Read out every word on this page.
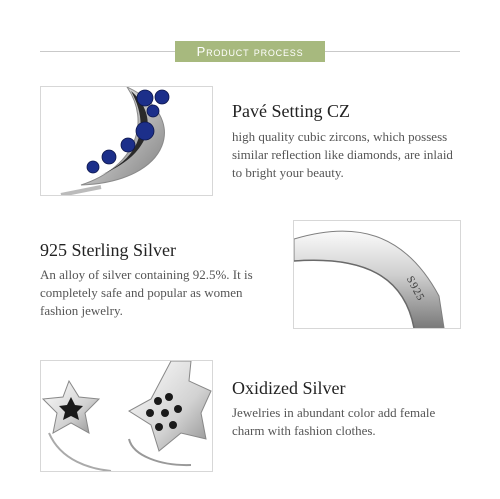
Product process
Pavé Setting CZ
high quality cubic zircons, which possess similar reflection like diamonds, are inlaid to bright your beauty.
925 Sterling Silver
An alloy of silver containing 92.5%. It is completely safe and popular as women fashion jewelry.
S925
Oxidized Silver
Jewelries in abundant color add female charm with fashion clothes.
